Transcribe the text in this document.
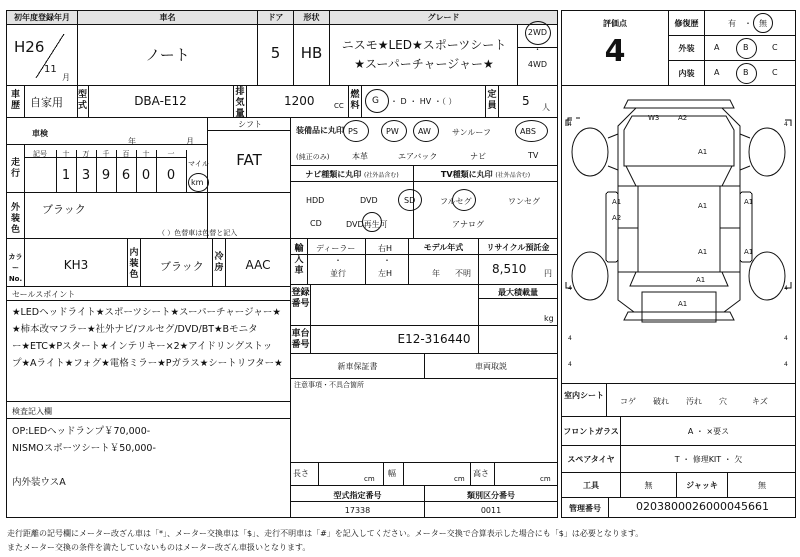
初年度登録年月
H26
11
月
車名
ノート
ドア
5
形状
HB
グレード
ニスモ★LED★スポーツシート
★スーパーチャージャー★
2WD
・
4WD
車歴 自家用
型式	DBA-E12
排気量
1200	CC
燃料 G ・ D ・ HV ・（ ）
定員 5 人
車検
年	月
走行
記号	十	万	千	百	十	一
1 3 9 6 0	0
マイル
km
シフト
FAT
外装色
ブラック
（ ）色替車は色替と記入
カラーNo.
KH3
内装色
ブラック
冷房	AAC
セールスポイント
★LEDヘッドライト★スポーツシート★スーパーチャージャー★
★柿本改マフラー★社外ナビ/フルセグ/DVD/BT★Bモニタ
ー★ETC★Pスタート★インテリキー×2★アイドリングストッ
プ★Aライト★フォグ★電格ミラー★Pガラス★シートリフター★
検査記入欄
OP:LEDヘッドランプ￥70,000-
NISMOスポーツシート￥50,000-
内外装ウスA
装備品に丸印
(純正のみ)
PS	PW AW	サンルーフ	ABS
本革	エアバック	ナビ	TV
ナビ種類に丸印 (社外品含む)	TV種類に丸印 (社外品含む)
HDD	DVD	SD
CD	DVD再生可
フルセグ	ワンセグ
アナログ
輸入車
ディーラー
・
並行
右H
・
左H
モデル年式
年 不明
リサイクル預託金
8,510 円
最大積載量
kg
登録番号
車台番号	E12-316440
新車保証書	車両取説
注意事項・不具合箇所
長さ
cm
幅
cm
高さ
cm
型式指定番号
17338
類別区分番号
0011
評価点
4
修復歴	有 ・ 無
外装	A	B	C
内装	A	B	C
4	4
4	4
4	4
4	4
W3	A2
A1
A1
A1	A1
A2
A1	A1
A1
A1
室内シート
コゲ 破れ 汚れ 穴	キズ
フロントガラス	A ・ ×要ス
スペアタイヤ	T ・ 修理KIT ・ 欠
工具	無	ジャッキ	無
管理番号	0203800026000045661
走行距離の記号欄にメーター改ざん車は「*」、メーター交換車は「$」、走行不明車は「#」を記入してください。メーター交換で合算表示した場合にも「$」は必要となります。
またメーター交換の条件を満たしていないものはメーター改ざん車扱いとなります。
